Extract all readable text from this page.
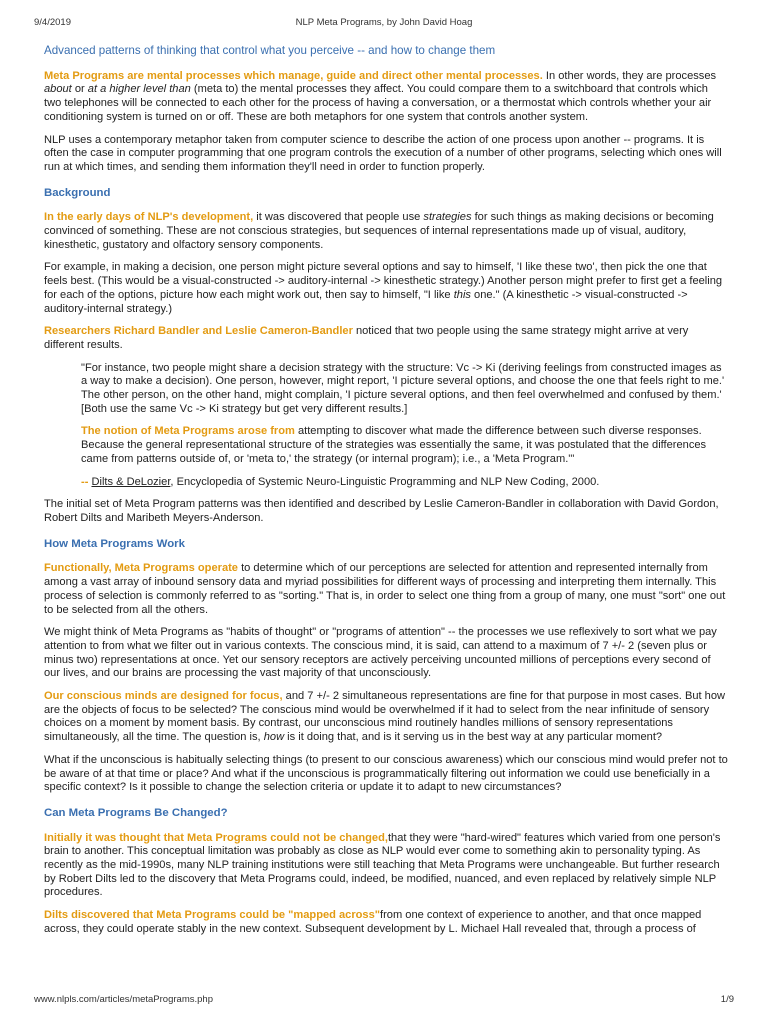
9/4/2019	NLP Meta Programs, by John David Hoag
Advanced patterns of thinking that control what you perceive -- and how to change them

Meta Programs are mental processes which manage, guide and direct other mental processes. In other words, they are processes about or at a higher level than (meta to) the mental processes they affect. You could compare them to a switchboard that controls which two telephones will be connected to each other for the process of having a conversation, or a thermostat which controls whether your air conditioning system is turned on or off. These are both metaphors for one system that controls another system.

NLP uses a contemporary metaphor taken from computer science to describe the action of one process upon another -- programs. It is often the case in computer programming that one program controls the execution of a number of other programs, selecting which ones will run at which times, and sending them information they'll need in order to function properly.

Background

In the early days of NLP's development, it was discovered that people use strategies for such things as making decisions or becoming convinced of something. These are not conscious strategies, but sequences of internal representations made up of visual, auditory, kinesthetic, gustatory and olfactory sensory components.

For example, in making a decision, one person might picture several options and say to himself, 'I like these two', then pick the one that feels best. (This would be a visual-constructed -> auditory-internal -> kinesthetic strategy.) Another person might prefer to first get a feeling for each of the options, picture how each might work out, then say to himself, "I like this one." (A kinesthetic -> visual-constructed -> auditory-internal strategy.)

Researchers Richard Bandler and Leslie Cameron-Bandler noticed that two people using the same strategy might arrive at very different results.

"For instance, two people might share a decision strategy with the structure: Vc -> Ki (deriving feelings from constructed images as a way to make a decision). One person, however, might report, 'I picture several options, and choose the one that feels right to me.' The other person, on the other hand, might complain, 'I picture several options, and then feel overwhelmed and confused by them.' [Both use the same Vc -> Ki strategy but get very different results.]

The notion of Meta Programs arose from attempting to discover what made the difference between such diverse responses. Because the general representational structure of the strategies was essentially the same, it was postulated that the differences came from patterns outside of, or 'meta to,' the strategy (or internal program); i.e., a 'Meta Program.'"

-- Dilts & DeLozier, Encyclopedia of Systemic Neuro-Linguistic Programming and NLP New Coding, 2000.

The initial set of Meta Program patterns was then identified and described by Leslie Cameron-Bandler in collaboration with David Gordon, Robert Dilts and Maribeth Meyers-Anderson.

How Meta Programs Work

Functionally, Meta Programs operate to determine which of our perceptions are selected for attention and represented internally from among a vast array of inbound sensory data and myriad possibilities for different ways of processing and interpreting them internally. This process of selection is commonly referred to as "sorting." That is, in order to select one thing from a group of many, one must "sort" one out to be selected from all the others.

We might think of Meta Programs as "habits of thought" or "programs of attention" -- the processes we use reflexively to sort what we pay attention to from what we filter out in various contexts. The conscious mind, it is said, can attend to a maximum of 7 +/- 2 (seven plus or minus two) representations at once. Yet our sensory receptors are actively perceiving uncounted millions of perceptions every second of our lives, and our brains are processing the vast majority of that unconsciously.

Our conscious minds are designed for focus, and 7 +/- 2 simultaneous representations are fine for that purpose in most cases. But how are the objects of focus to be selected? The conscious mind would be overwhelmed if it had to select from the near infinitude of sensory choices on a moment by moment basis. By contrast, our unconscious mind routinely handles millions of sensory representations simultaneously, all the time. The question is, how is it doing that, and is it serving us in the best way at any particular moment?

What if the unconscious is habitually selecting things (to present to our conscious awareness) which our conscious mind would prefer not to be aware of at that time or place? And what if the unconscious is programmatically filtering out information we could use beneficially in a specific context? Is it possible to change the selection criteria or update it to adapt to new circumstances?

Can Meta Programs Be Changed?

Initially it was thought that Meta Programs could not be changed,that they were "hard-wired" features which varied from one person's brain to another. This conceptual limitation was probably as close as NLP would ever come to something akin to personality typing. As recently as the mid-1990s, many NLP training institutions were still teaching that Meta Programs were unchangeable. But further research by Robert Dilts led to the discovery that Meta Programs could, indeed, be modified, nuanced, and even replaced by relatively simple NLP procedures.

Dilts discovered that Meta Programs could be "mapped across"from one context of experience to another, and that once mapped across, they could operate stably in the new context. Subsequent development by L. Michael Hall revealed that, through a process of

www.nlpls.com/articles/metaPrograms.php	1/9
